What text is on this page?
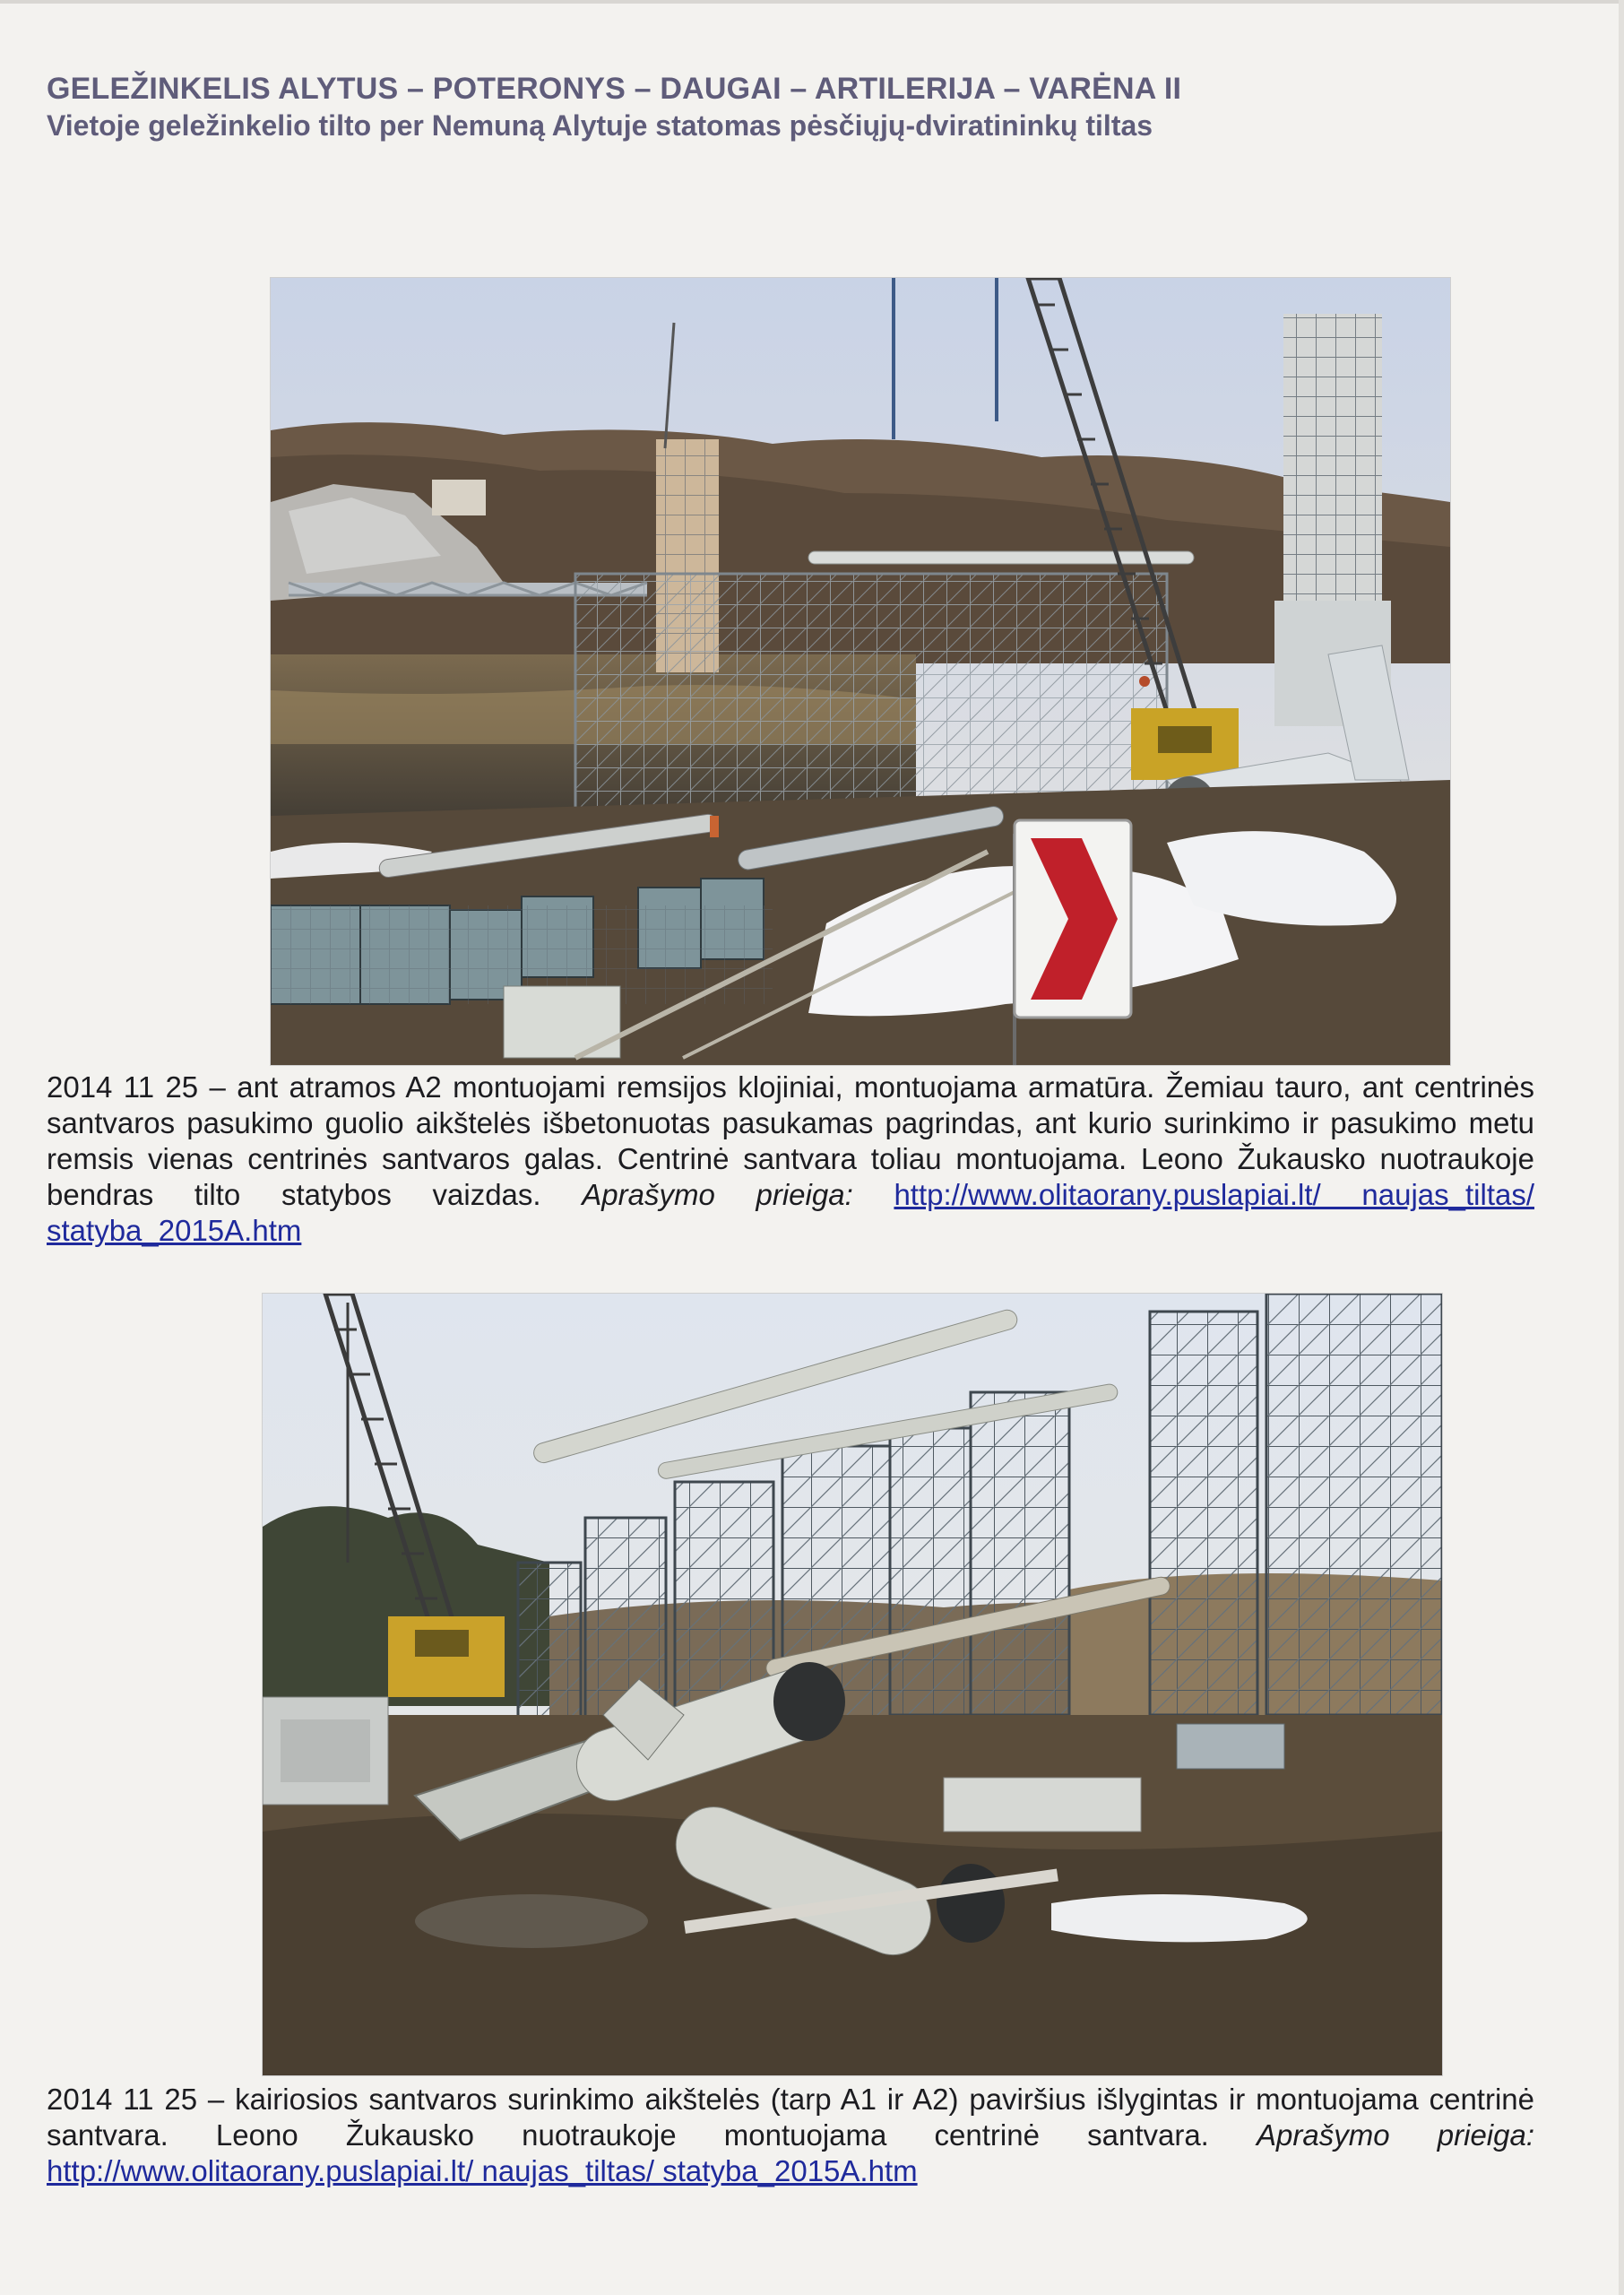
GELEŽINKELIS ALYTUS – POTERONYS – DAUGAI – ARTILERIJA – VARĖNA II
Vietoje geležinkelio tilto per Nemuną Alytuje statomas pėsčiųjų-dviratininkų tiltas
2014 11 25 – ant atramos A2 montuojami remsijos klojiniai, montuojama armatūra. Žemiau tauro, ant centrinės santvaros pasukimo guolio aikštelės išbetonuotas pasukamas pagrindas, ant kurio surinkimo ir pasukimo metu remsis vienas centrinės santvaros galas. Centrinė santvara toliau montuojama. Leono Žukausko nuotraukoje bendras tilto statybos vaizdas. Aprašymo prieiga: http://www.olitaorany.puslapiai.lt/ naujas_tiltas/ statyba_2015A.htm
2014 11 25 – kairiosios santvaros surinkimo aikštelės (tarp A1 ir A2) paviršius išlygintas ir montuojama centrinė santvara. Leono Žukausko nuotraukoje montuojama centrinė santvara. Aprašymo prieiga: http://www.olitaorany.puslapiai.lt/ naujas_tiltas/ statyba_2015A.htm
